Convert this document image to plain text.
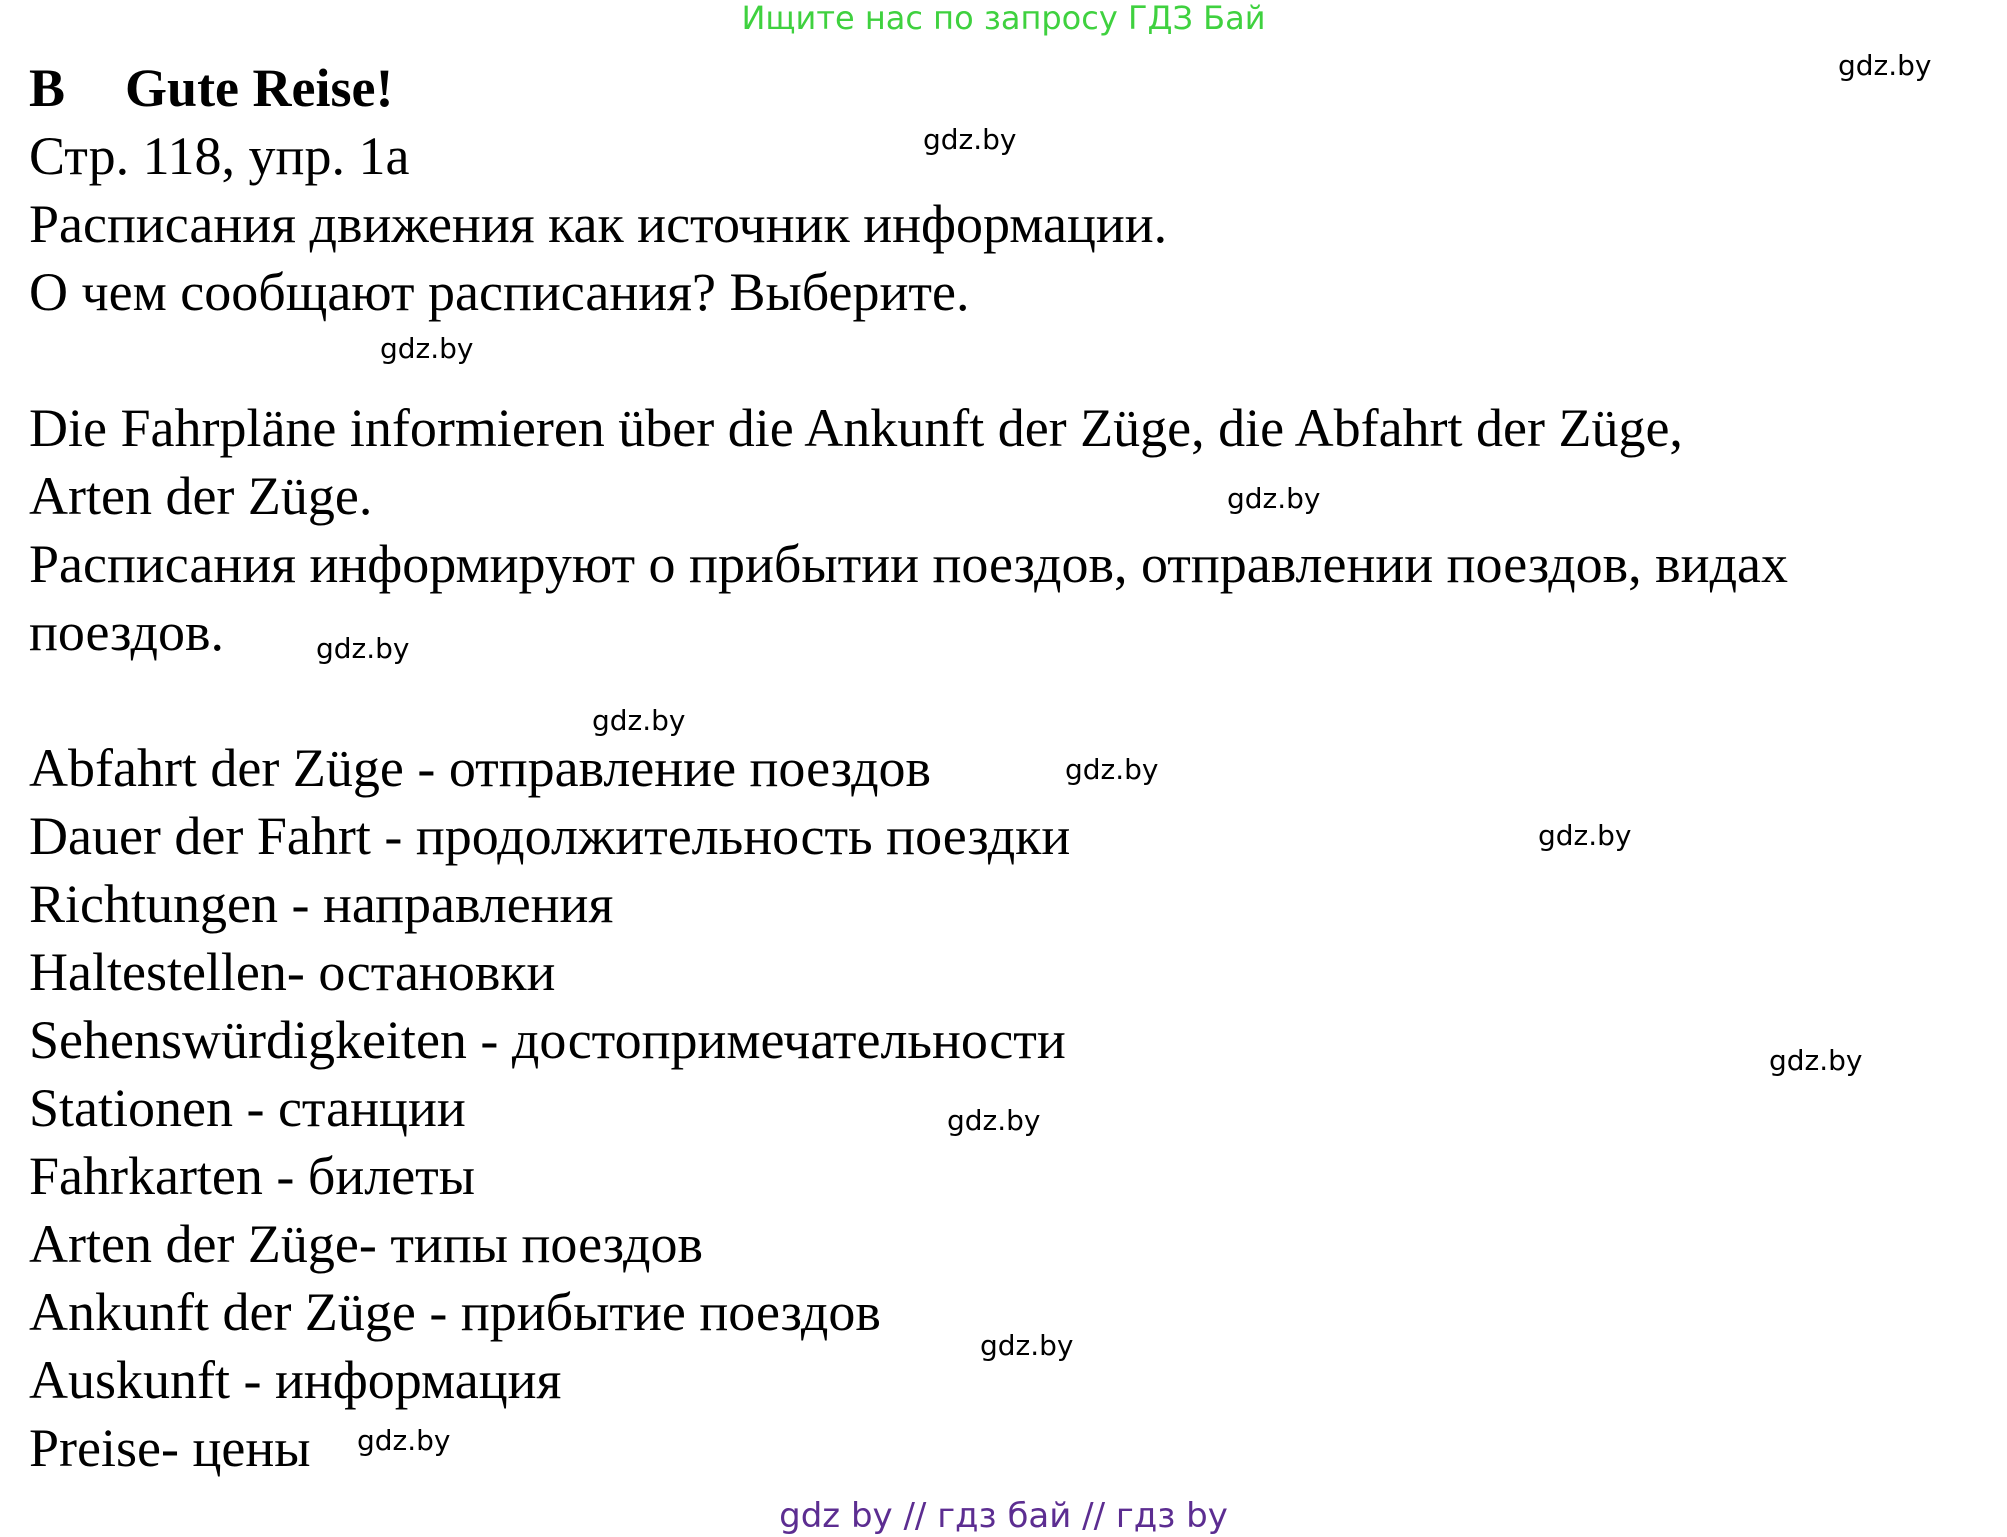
Ищите нас по запросу ГДЗ Бай
B Gute Reise!
Стр. 118, упр. 1a
Расписания движения как источник информации.
О чем сообщают расписания? Выберите.
Die Fahrpläne informieren über die Ankunft der Züge, die Abfahrt der Züge,
Arten der Züge.
Расписания информируют о прибытии поездов, отправлении поездов, видах
поездов.
Abfahrt der Züge - отправление поездов
Dauer der Fahrt - продолжительность поездки
Richtungen - направления
Haltestellen- остановки
Sehenswürdigkeiten - достопримечательности
Stationen - станции
Fahrkarten - билеты
Arten der Züge- типы поездов
Ankunft der Züge - прибытие поездов
Auskunft - информация
Preise- цены
gdz.by
gdz.by
gdz.by
gdz.by
gdz.by
gdz.by
gdz.by
gdz.by
gdz.by
gdz.by
gdz.by
gdz.by
gdz by // гдз бай // гдз by
